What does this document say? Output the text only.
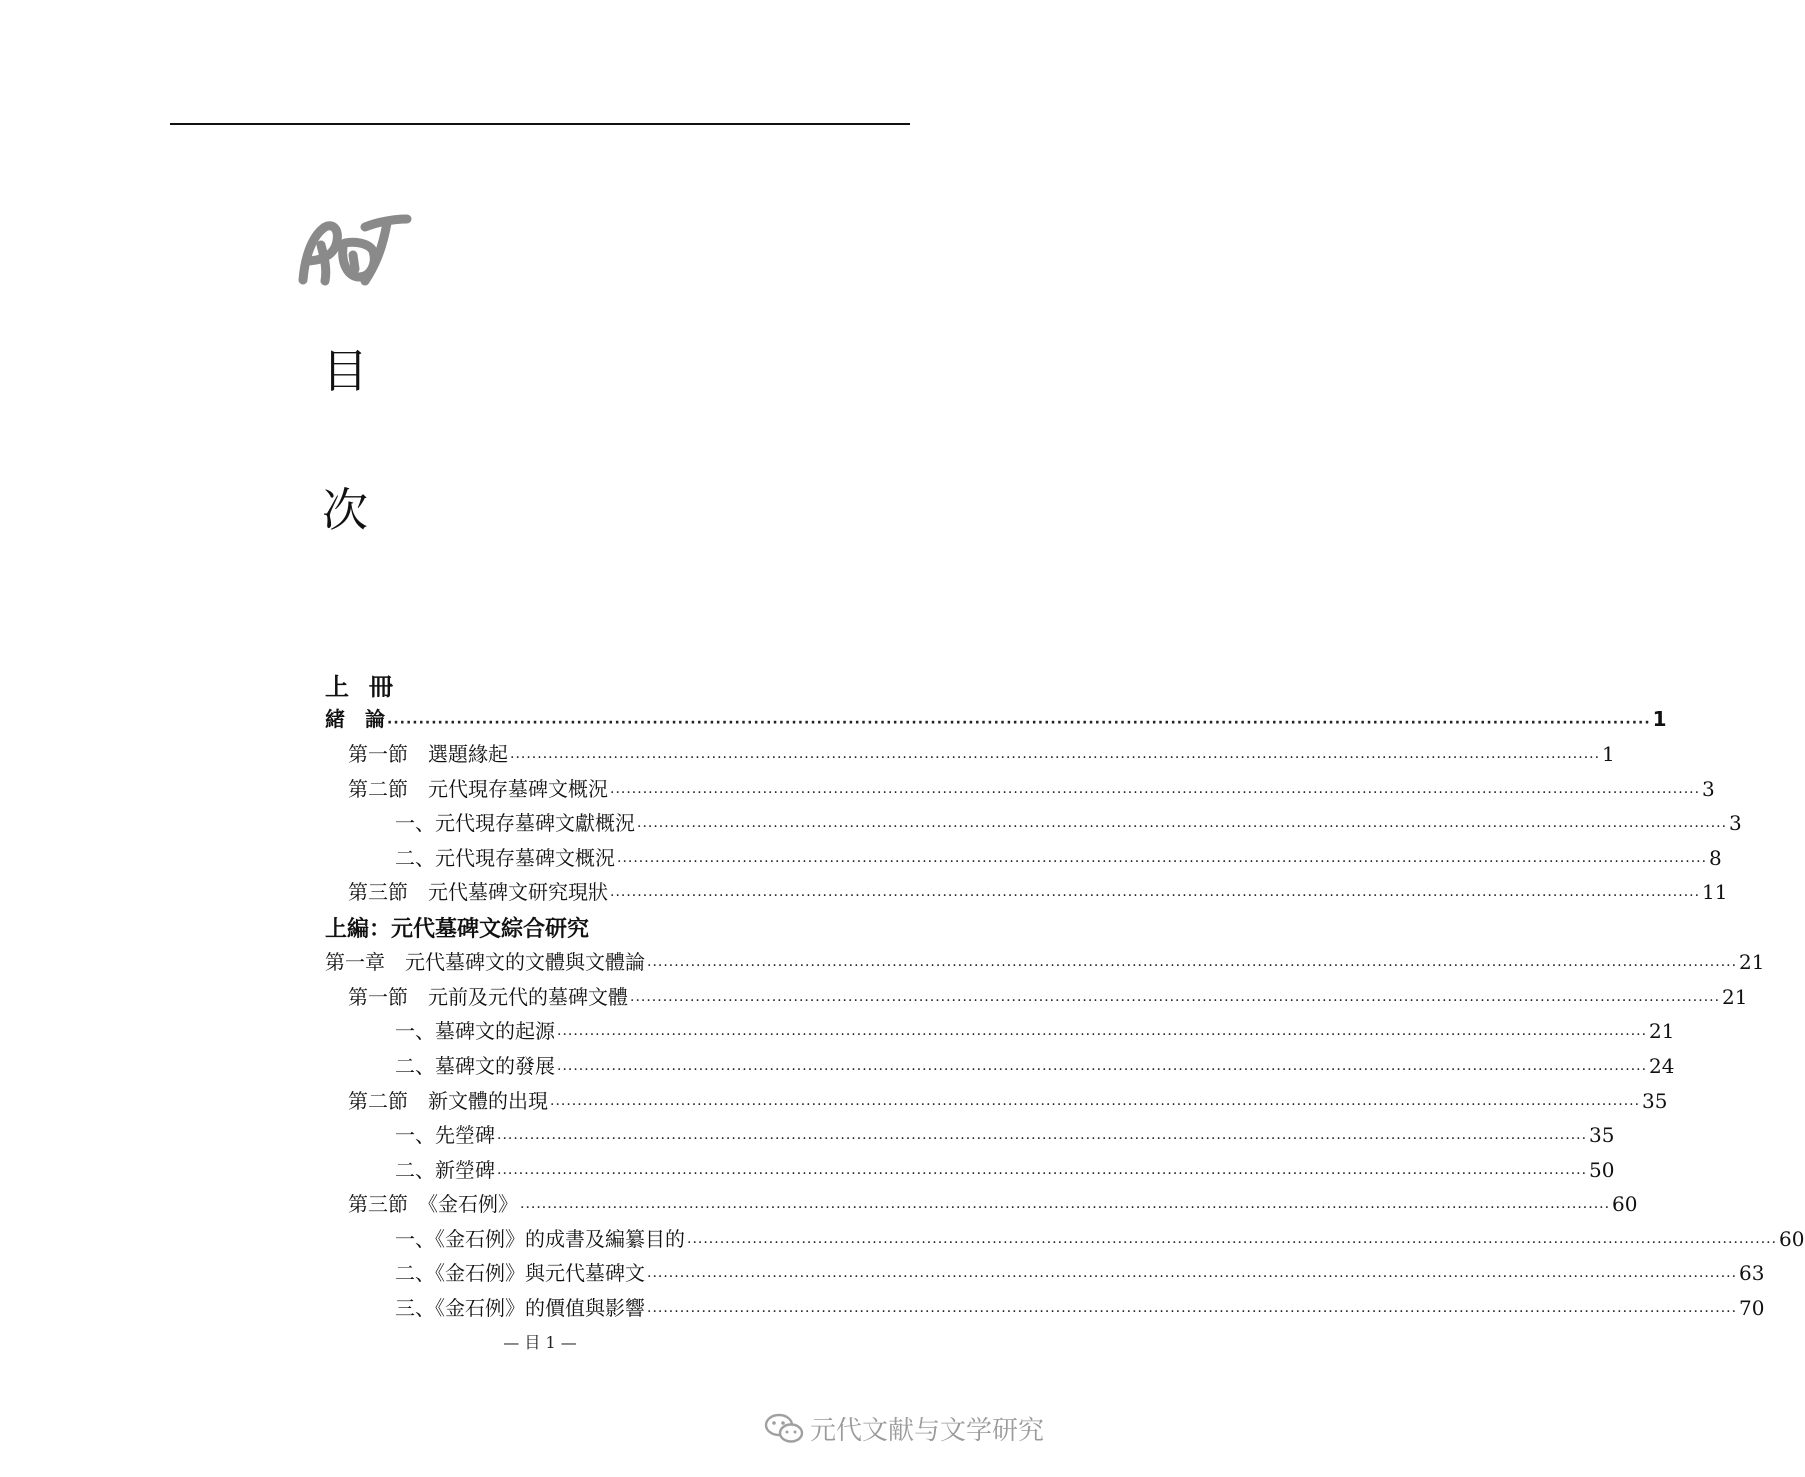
目
次
上冊
上編：元代墓碑文綜合研究
緒　論 ········································································································································································································ 1
第一節　選題緣起 ········································································································································································································ 1
第二節　元代現存墓碑文概況 ········································································································································································································ 3
一、元代現存墓碑文獻概況 ········································································································································································································ 3
二、元代現存墓碑文概況 ········································································································································································································ 8
第三節　元代墓碑文研究現狀 ········································································································································································································ 11
第一章　元代墓碑文的文體與文體論 ········································································································································································································ 21
第一節　元前及元代的墓碑文體 ········································································································································································································ 21
一、墓碑文的起源 ········································································································································································································ 21
二、墓碑文的發展 ········································································································································································································ 24
第二節　新文體的出現 ········································································································································································································ 35
一、先塋碑 ········································································································································································································ 35
二、新塋碑 ········································································································································································································ 50
第三節　《金石例》 ········································································································································································································ 60
一、《金石例》的成書及編纂目的 ········································································································································································································ 60
二、《金石例》與元代墓碑文 ········································································································································································································ 63
三、《金石例》的價值與影響 ········································································································································································································ 70
— 目 1 —
元代文献与文学研究
